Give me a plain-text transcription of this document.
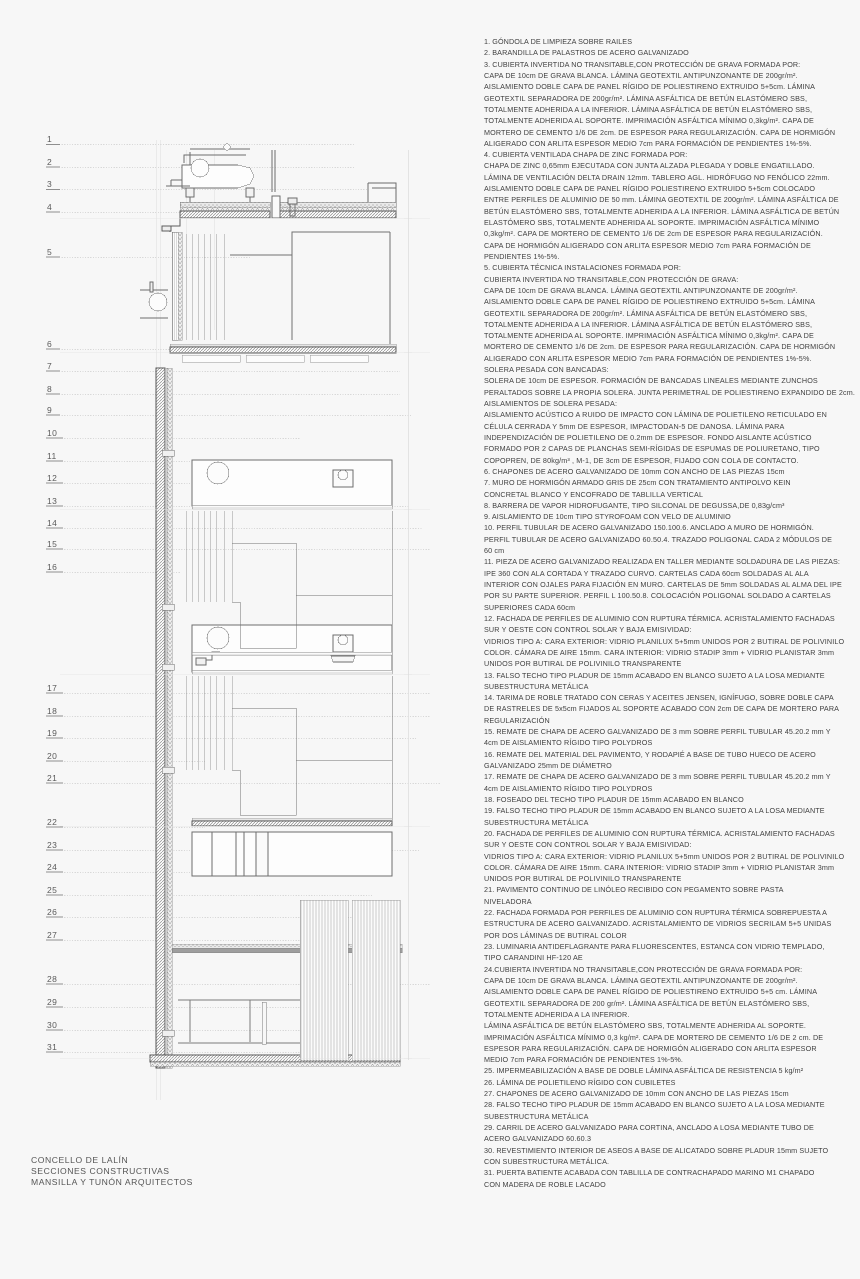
1
2
3
4
5
6
7
8
9
10
11
12
13
14
15
16
17
18
19
20
21
22
23
24
25
26
27
28
29
30
31
CONCELLO DE LALÍN
SECCIONES CONSTRUCTIVAS
MANSILLA Y TUNÓN ARQUITECTOS
1. GÓNDOLA DE LIMPIEZA SOBRE RAILES
2. BARANDILLA DE PALASTROS DE ACERO GALVANIZADO
3. CUBIERTA INVERTIDA NO TRANSITABLE,CON PROTECCIÓN DE GRAVA FORMADA POR:
CAPA DE 10cm DE GRAVA BLANCA. LÁMINA GEOTEXTIL ANTIPUNZONANTE DE 200gr/m².
AISLAMIENTO DOBLE CAPA DE PANEL RÍGIDO DE POLIESTIRENO EXTRUIDO 5+5cm. LÁMINA
GEOTEXTIL SEPARADORA DE 200gr/m². LÁMINA ASFÁLTICA DE BETÚN ELASTÓMERO SBS,
TOTALMENTE ADHERIDA A LA INFERIOR. LÁMINA ASFÁLTICA DE BETÚN ELASTÓMERO SBS,
TOTALMENTE ADHERIDA AL SOPORTE. IMPRIMACIÓN ASFÁLTICA MÍNIMO 0,3kg/m². CAPA DE
MORTERO DE CEMENTO 1/6 DE 2cm. DE ESPESOR PARA REGULARIZACIÓN. CAPA DE HORMIGÓN
ALIGERADO CON ARLITA ESPESOR MEDIO 7cm PARA FORMACIÓN DE PENDIENTES 1%-5%.
4. CUBIERTA VENTILADA CHAPA DE ZINC FORMADA POR:
CHAPA DE ZINC 0,65mm EJECUTADA CON JUNTA ALZADA PLEGADA Y DOBLE ENGATILLADO.
LÁMINA DE VENTILACIÓN DELTA DRAIN 12mm. TABLERO AGL. HIDRÓFUGO NO FENÓLICO 22mm.
AISLAMIENTO DOBLE CAPA DE PANEL RÍGIDO POLIESTIRENO EXTRUIDO 5+5cm COLOCADO
ENTRE PERFILES DE ALUMINIO DE 50 mm. LÁMINA GEOTEXTIL DE 200gr/m². LÁMINA ASFÁLTICA DE
BETÚN ELASTÓMERO SBS, TOTALMENTE ADHERIDA A LA INFERIOR. LÁMINA ASFÁLTICA DE BETÚN
ELASTÓMERO SBS, TOTALMENTE ADHERIDA AL SOPORTE. IMPRIMACIÓN ASFÁLTICA MÍNIMO
0,3kg/m². CAPA DE MORTERO DE CEMENTO 1/6 DE 2cm DE ESPESOR PARA REGULARIZACIÓN.
CAPA DE HORMIGÓN ALIGERADO CON ARLITA ESPESOR MEDIO 7cm PARA FORMACIÓN DE
PENDIENTES 1%-5%.
5. CUBIERTA TÉCNICA INSTALACIONES FORMADA POR:
CUBIERTA INVERTIDA NO TRANSITABLE,CON PROTECCIÓN DE GRAVA:
CAPA DE 10cm DE GRAVA BLANCA. LÁMINA GEOTEXTIL ANTIPUNZONANTE DE 200gr/m².
AISLAMIENTO DOBLE CAPA DE PANEL RÍGIDO DE POLIESTIRENO EXTRUIDO 5+5cm. LÁMINA
GEOTEXTIL SEPARADORA DE 200gr/m². LÁMINA ASFÁLTICA DE BETÚN ELASTÓMERO SBS,
TOTALMENTE ADHERIDA A LA INFERIOR. LÁMINA ASFÁLTICA DE BETÚN ELASTÓMERO SBS,
TOTALMENTE ADHERIDA AL SOPORTE. IMPRIMACIÓN ASFÁLTICA MÍNIMO 0,3kg/m². CAPA DE
MORTERO DE CEMENTO 1/6 DE 2cm. DE ESPESOR PARA REGULARIZACIÓN. CAPA DE HORMIGÓN
ALIGERADO CON ARLITA ESPESOR MEDIO 7cm PARA FORMACIÓN DE PENDIENTES 1%-5%.
SOLERA PESADA CON BANCADAS:
SOLERA DE 10cm DE ESPESOR. FORMACIÓN DE BANCADAS LINEALES MEDIANTE ZUNCHOS
PERALTADOS SOBRE LA PROPIA SOLERA. JUNTA PERIMETRAL DE POLIESTIRENO EXPANDIDO DE 2cm.
AISLAMIENTOS DE SOLERA PESADA:
AISLAMIENTO ACÚSTICO A RUIDO DE IMPACTO CON LÁMINA DE POLIETILENO RETICULADO EN
CÉLULA CERRADA Y 5mm DE ESPESOR, IMPACTODAN-5 DE DANOSA. LÁMINA PARA
INDEPENDIZACIÓN DE POLIETILENO DE 0.2mm DE ESPESOR. FONDO AISLANTE ACÚSTICO
FORMADO POR 2 CAPAS DE PLANCHAS SEMI-RÍGIDAS DE ESPUMAS DE POLIURETANO, TIPO
COPOPREN, DE 80kg/m³ , M-1, DE 3cm DE ESPESOR, FIJADO CON COLA DE CONTACTO.
6. CHAPONES DE ACERO GALVANIZADO DE 10mm CON ANCHO DE LAS PIEZAS 15cm
7. MURO DE HORMIGÓN ARMADO GRIS DE 25cm CON TRATAMIENTO ANTIPOLVO KEIN
CONCRETAL BLANCO Y ENCOFRADO DE TABLILLA VERTICAL
8. BARRERA DE VAPOR HIDROFUGANTE, TIPO SILCONAL DE DEGUSSA,DE 0,83g/cm³
9. AISLAMIENTO DE 10cm TIPO STYROFOAM CON VELO DE ALUMINIO
10. PERFIL TUBULAR DE ACERO GALVANIZADO 150.100.6. ANCLADO A MURO DE HORMIGÓN.
PERFIL TUBULAR DE ACERO GALVANIZADO 60.50.4. TRAZADO POLIGONAL CADA 2 MÓDULOS DE
60 cm
11. PIEZA DE ACERO GALVANIZADO REALIZADA EN TALLER MEDIANTE SOLDADURA DE LAS PIEZAS:
IPE 360 CON ALA CORTADA Y TRAZADO CURVO. CARTELAS CADA 60cm SOLDADAS AL ALA
INTERIOR CON OJALES PARA FIJACIÓN EN MURO. CARTELAS DE 5mm SOLDADAS AL ALMA DEL IPE
POR SU PARTE SUPERIOR. PERFIL L 100.50.8. COLOCACIÓN POLIGONAL SOLDADO A CARTELAS
SUPERIORES CADA 60cm
12. FACHADA DE PERFILES DE ALUMINIO CON RUPTURA TÉRMICA. ACRISTALAMIENTO FACHADAS
SUR Y OESTE CON CONTROL SOLAR Y BAJA EMISIVIDAD:
VIDRIOS TIPO A: CARA EXTERIOR: VIDRIO PLANILUX 5+5mm UNIDOS POR 2 BUTIRAL DE POLIVINILO
COLOR. CÁMARA DE AIRE 15mm. CARA INTERIOR: VIDRIO STADIP 3mm + VIDRIO PLANISTAR 3mm
UNIDOS POR BUTIRAL DE POLIVINILO TRANSPARENTE
13. FALSO TECHO TIPO PLADUR DE 15mm ACABADO EN BLANCO SUJETO A LA LOSA MEDIANTE
SUBESTRUCTURA METÁLICA
14. TARIMA DE ROBLE TRATADO CON CERAS Y ACEITES JENSEN, IGNÍFUGO, SOBRE DOBLE CAPA
DE RASTRELES DE 5x5cm FIJADOS AL SOPORTE ACABADO CON 2cm DE CAPA DE MORTERO PARA
REGULARIZACIÓN
15. REMATE DE CHAPA DE ACERO GALVANIZADO DE 3 mm SOBRE PERFIL TUBULAR 45.20.2 mm Y
4cm DE AISLAMIENTO RÍGIDO TIPO POLYDROS
16. REMATE DEL MATERIAL DEL PAVIMENTO, Y RODAPIÉ A BASE DE TUBO HUECO DE ACERO
GALVANIZADO 25mm DE DIÁMETRO
17. REMATE DE CHAPA DE ACERO GALVANIZADO DE 3 mm SOBRE PERFIL TUBULAR 45.20.2 mm Y
4cm DE AISLAMIENTO RÍGIDO TIPO POLYDROS
18. FOSEADO DEL TECHO TIPO PLADUR DE 15mm ACABADO EN BLANCO
19. FALSO TECHO TIPO PLADUR DE 15mm ACABADO EN BLANCO SUJETO A LA LOSA MEDIANTE
SUBESTRUCTURA METÁLICA
20. FACHADA DE PERFILES DE ALUMINIO CON RUPTURA TÉRMICA. ACRISTALAMIENTO FACHADAS
SUR Y OESTE CON CONTROL SOLAR Y BAJA EMISIVIDAD:
VIDRIOS TIPO A: CARA EXTERIOR: VIDRIO PLANILUX 5+5mm UNIDOS POR 2 BUTIRAL DE POLIVINILO
COLOR. CÁMARA DE AIRE 15mm. CARA INTERIOR: VIDRIO STADIP 3mm + VIDRIO PLANISTAR 3mm
UNIDOS POR BUTIRAL DE POLIVINILO TRANSPARENTE
21. PAVIMENTO CONTINUO DE LINÓLEO RECIBIDO CON PEGAMENTO SOBRE PASTA
NIVELADORA
22. FACHADA FORMADA POR PERFILES DE ALUMINIO CON RUPTURA TÉRMICA SOBREPUESTA A
ESTRUCTURA DE ACERO GALVANIZADO. ACRISTALAMIENTO DE VIDRIOS SECRILAM 5+5 UNIDAS
POR DOS LÁMINAS DE BUTIRAL COLOR
23. LUMINARIA ANTIDEFLAGRANTE PARA FLUORESCENTES, ESTANCA CON VIDRIO TEMPLADO,
TIPO CARANDINI HF-120 AE
24.CUBIERTA INVERTIDA NO TRANSITABLE,CON PROTECCIÓN DE GRAVA FORMADA POR:
CAPA DE 10cm DE GRAVA BLANCA. LÁMINA GEOTEXTIL ANTIPUNZONANTE DE 200gr/m².
AISLAMIENTO DOBLE CAPA DE PANEL RÍGIDO DE POLIESTIRENO EXTRUIDO 5+5 cm. LÁMINA
GEOTEXTIL SEPARADORA DE 200 gr/m². LÁMINA ASFÁLTICA DE BETÚN ELASTÓMERO SBS,
TOTALMENTE ADHERIDA A LA INFERIOR.
LÁMINA ASFÁLTICA DE BETÚN ELASTÓMERO SBS, TOTALMENTE ADHERIDA AL SOPORTE.
IMPRIMACIÓN ASFÁLTICA MÍNIMO 0,3 kg/m². CAPA DE MORTERO DE CEMENTO 1/6 DE 2 cm. DE
ESPESOR PARA REGULARIZACIÓN. CAPA DE HORMIGÓN ALIGERADO CON ARLITA ESPESOR
MEDIO 7cm PARA FORMACIÓN DE PENDIENTES 1%-5%.
25. IMPERMEABILIZACIÓN A BASE DE DOBLE LÁMINA ASFÁLTICA DE RESISTENCIA 5 kg/m²
26. LÁMINA DE POLIETILENO RÍGIDO CON CUBILETES
27. CHAPONES DE ACERO GALVANIZADO DE 10mm CON ANCHO DE LAS PIEZAS 15cm
28. FALSO TECHO TIPO PLADUR DE 15mm ACABADO EN BLANCO SUJETO A LA LOSA MEDIANTE
SUBESTRUCTURA METÁLICA
29. CARRIL DE ACERO GALVANIZADO PARA CORTINA, ANCLADO A LOSA MEDIANTE TUBO DE
ACERO GALVANIZADO 60.60.3
30. REVESTIMIENTO INTERIOR DE ASEOS A BASE DE ALICATADO SOBRE PLADUR 15mm SUJETO
CON SUBESTRUCTURA METÁLICA.
31. PUERTA BATIENTE ACABADA CON TABLILLA DE CONTRACHAPADO MARINO M1 CHAPADO
CON MADERA DE ROBLE LACADO
